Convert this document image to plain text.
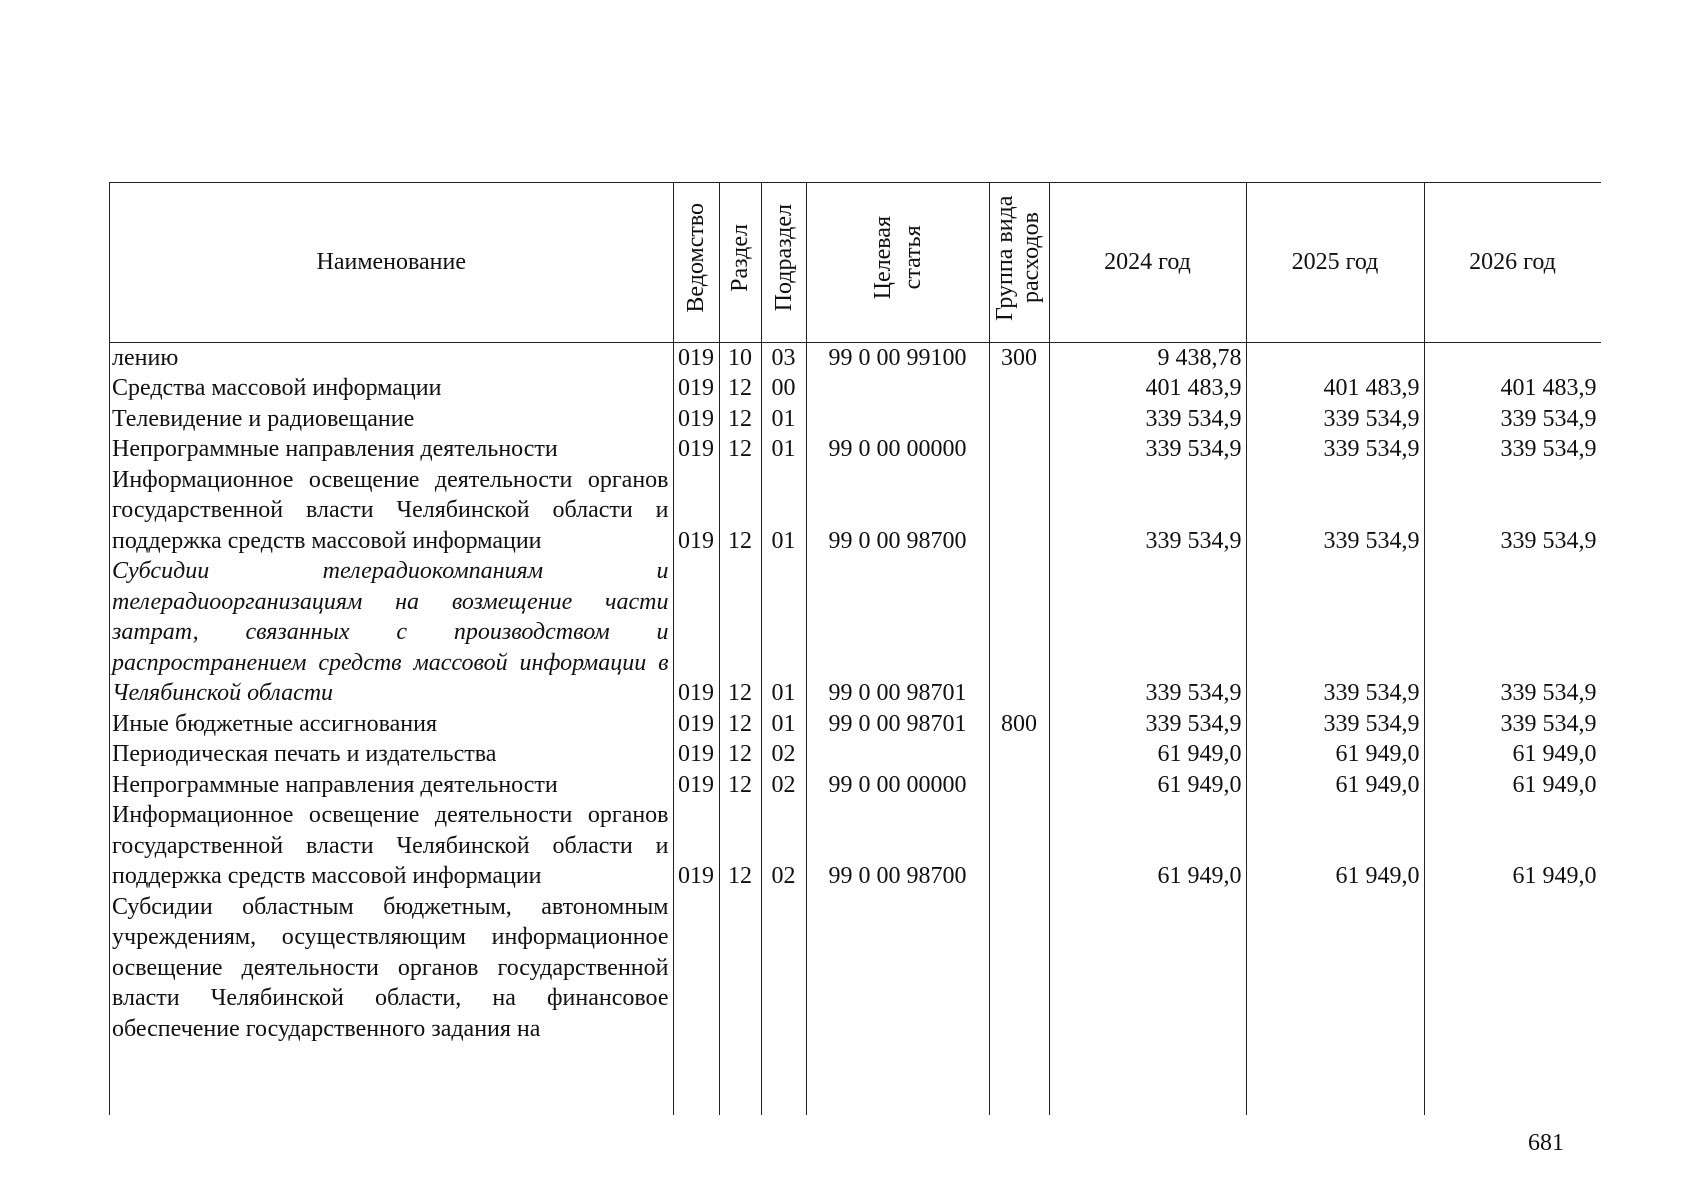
Наименование	Ведомство	Раздел	Подраздел	Целевая статья	Группа вида расходов	2024 год	2025 год	2026 год
лению	019	10	03	99 0 00 99100	300	9 438,78		
Средства массовой информации	019	12	00			401 483,9	401 483,9	401 483,9
Телевидение и радиовещание	019	12	01			339 534,9	339 534,9	339 534,9
Непрограммные направления деятельности	019	12	01	99 0 00 00000		339 534,9	339 534,9	339 534,9
Информационное освещение деятельности органов государственной власти Челябинской области и поддержка средств массовой информации	019	12	01	99 0 00 98700		339 534,9	339 534,9	339 534,9
Субсидии телерадиокомпаниям и телерадиоорганизациям на возмещение части затрат, связанных с производством и распространением средств массовой информации в Челябинской области	019	12	01	99 0 00 98701		339 534,9	339 534,9	339 534,9
Иные бюджетные ассигнования	019	12	01	99 0 00 98701	800	339 534,9	339 534,9	339 534,9
Периодическая печать и издательства	019	12	02			61 949,0	61 949,0	61 949,0
Непрограммные направления деятельности	019	12	02	99 0 00 00000		61 949,0	61 949,0	61 949,0
Информационное освещение деятельности органов государственной власти Челябинской области и поддержка средств массовой информации	019	12	02	99 0 00 98700		61 949,0	61 949,0	61 949,0
Субсидии областным бюджетным, автономным учреждениям, осуществляющим информационное освещение деятельности органов государственной власти Челябинской области, на финансовое обеспечение государственного задания на								

681
